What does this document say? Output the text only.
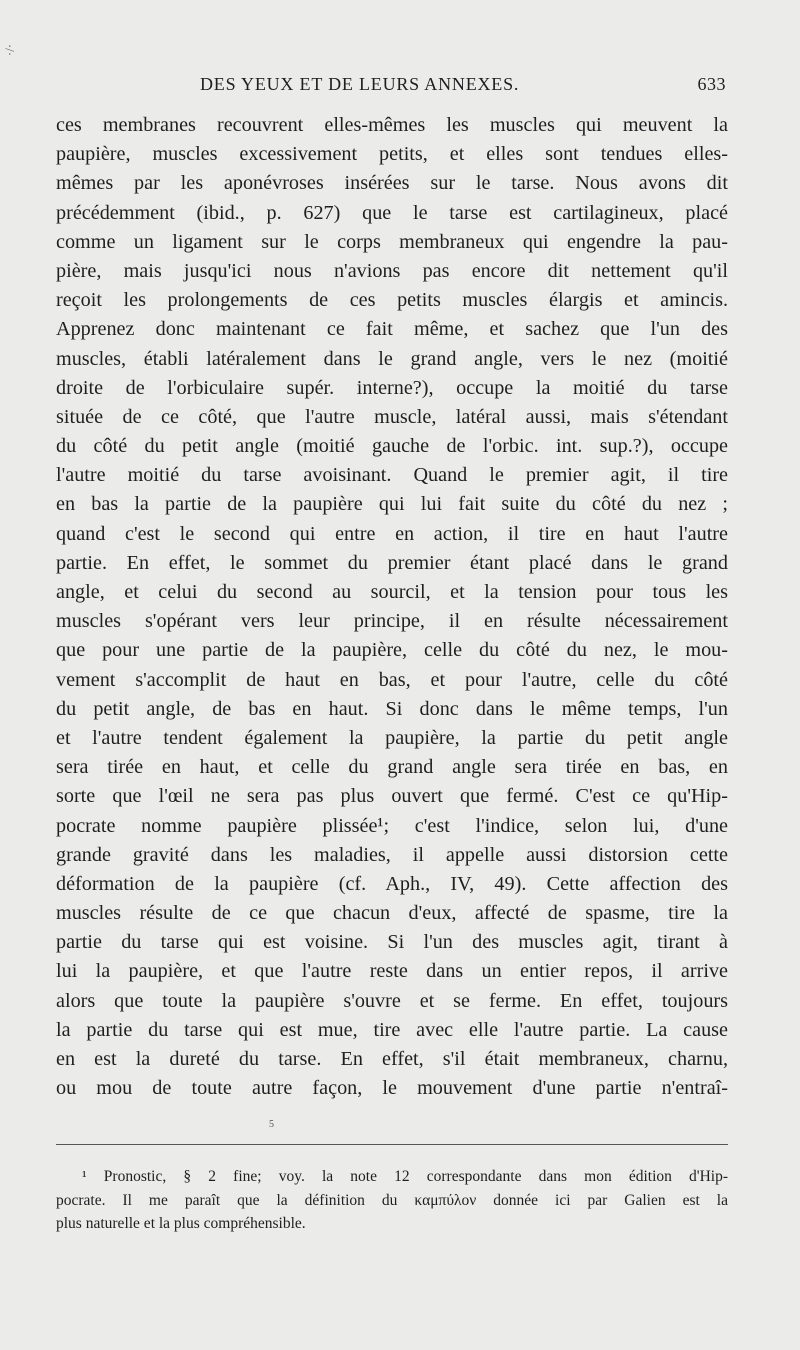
·/·
DES YEUX ET DE LEURS ANNEXES.	633
ces membranes recouvrent elles-mêmes les muscles qui meuvent la
paupière, muscles excessivement petits, et elles sont tendues elles-
mêmes par les aponévroses insérées sur le tarse. Nous avons dit
précédemment (ibid., p. 627) que le tarse est cartilagineux, placé
comme un ligament sur le corps membraneux qui engendre la pau-
pière, mais jusqu'ici nous n'avions pas encore dit nettement qu'il
reçoit les prolongements de ces petits muscles élargis et amincis.
Apprenez donc maintenant ce fait même, et sachez que l'un des
muscles, établi latéralement dans le grand angle, vers le nez (moitié
droite de l'orbiculaire supér. interne?), occupe la moitié du tarse
située de ce côté, que l'autre muscle, latéral aussi, mais s'étendant
du côté du petit angle (moitié gauche de l'orbic. int. sup.?), occupe
l'autre moitié du tarse avoisinant. Quand le premier agit, il tire
en bas la partie de la paupière qui lui fait suite du côté du nez ;
quand c'est le second qui entre en action, il tire en haut l'autre
partie. En effet, le sommet du premier étant placé dans le grand
angle, et celui du second au sourcil, et la tension pour tous les
muscles s'opérant vers leur principe, il en résulte nécessairement
que pour une partie de la paupière, celle du côté du nez, le mou-
vement s'accomplit de haut en bas, et pour l'autre, celle du côté
du petit angle, de bas en haut. Si donc dans le même temps, l'un
et l'autre tendent également la paupière, la partie du petit angle
sera tirée en haut, et celle du grand angle sera tirée en bas, en
sorte que l'œil ne sera pas plus ouvert que fermé. C'est ce qu'Hip-
pocrate nomme paupière plissée¹; c'est l'indice, selon lui, d'une
grande gravité dans les maladies, il appelle aussi distorsion cette
déformation de la paupière (cf. Aph., IV, 49). Cette affection des
muscles résulte de ce que chacun d'eux, affecté de spasme, tire la
partie du tarse qui est voisine. Si l'un des muscles agit, tirant à
lui la paupière, et que l'autre reste dans un entier repos, il arrive
alors que toute la paupière s'ouvre et se ferme. En effet, toujours
la partie du tarse qui est mue, tire avec elle l'autre partie. La cause
en est la dureté du tarse. En effet, s'il était membraneux, charnu,
ou mou de toute autre façon, le mouvement d'une partie n'entraî-
5
¹ Pronostic, § 2 fine; voy. la note 12 correspondante dans mon édition d'Hip-
pocrate. Il me paraît que la définition du καμπύλον donnée ici par Galien est la
plus naturelle et la plus compréhensible.
